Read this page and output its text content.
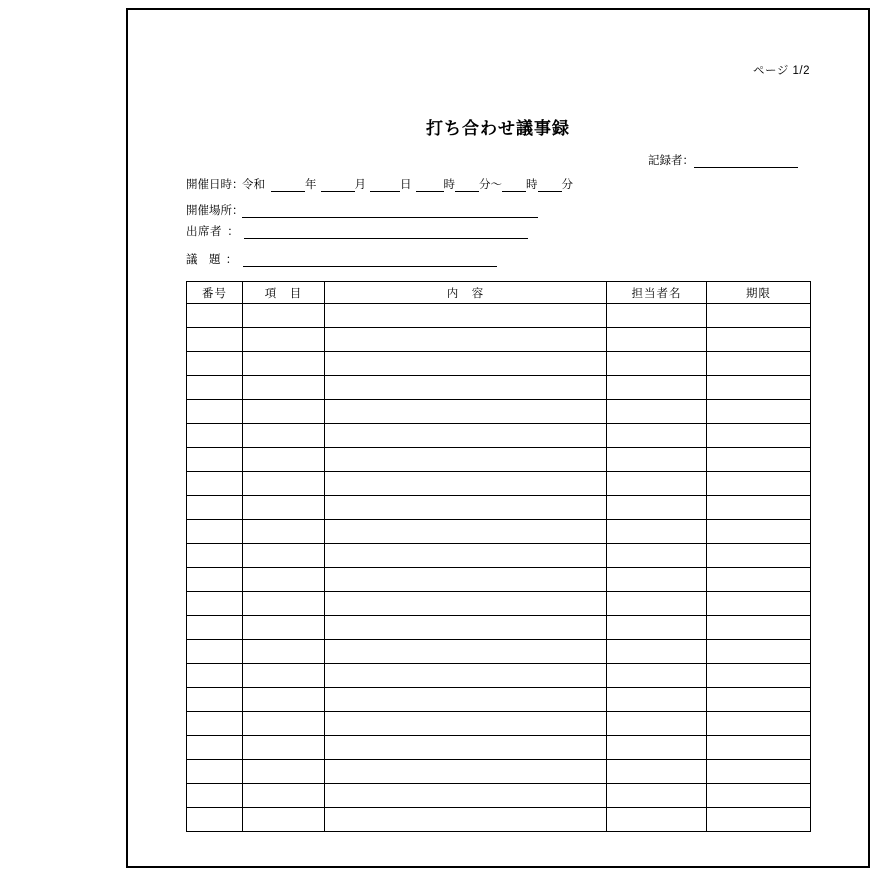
ページ 1/2
打ち合わせ議事録
記録者：
開催日時：令和	年	月	日	時 分～ 時 分
開催場所：
出席者 ：
議　題 ：
番号	項　目	内　容	担当者名	期限
